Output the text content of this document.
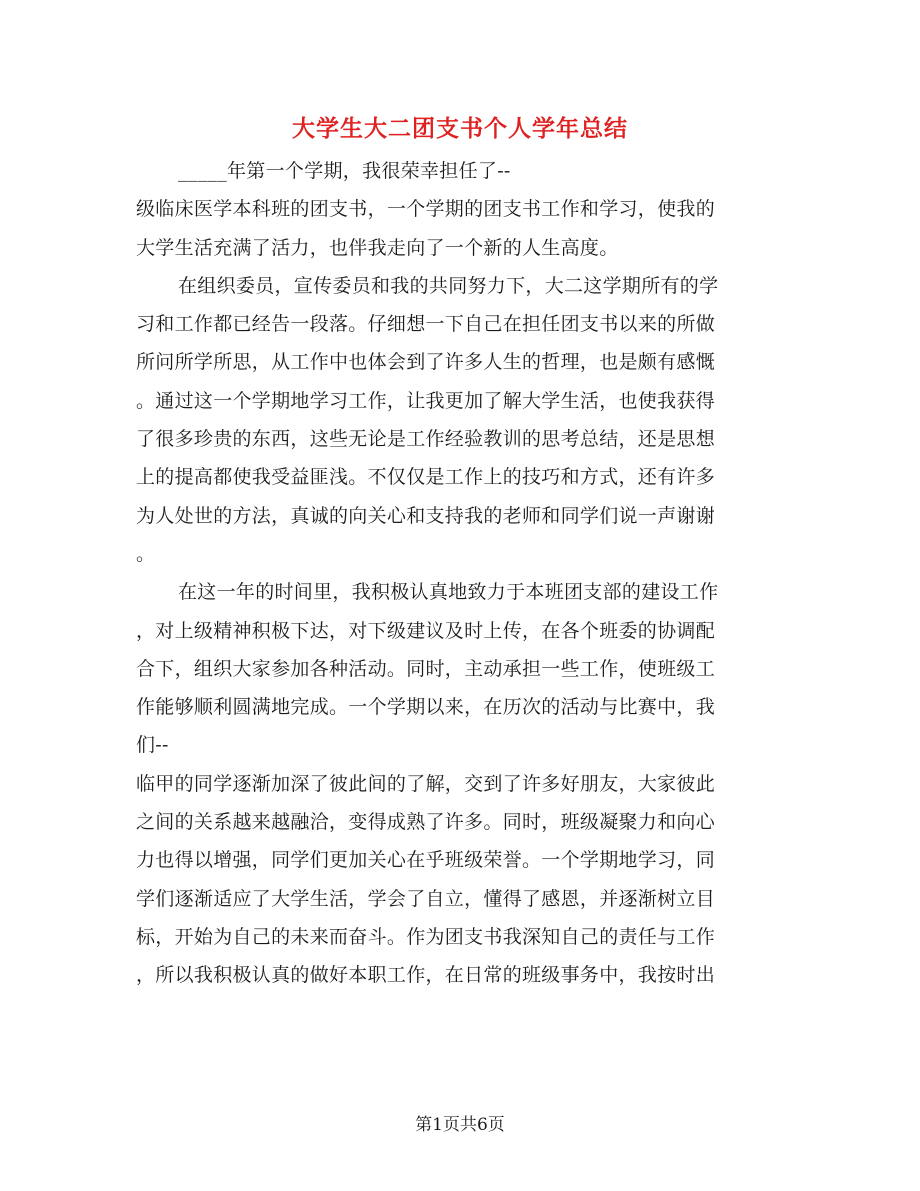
大学生大二团支书个人学年总结
_____年第一个学期，我很荣幸担任了--
级临床医学本科班的团支书，一个学期的团支书工作和学习，使我的
大学生活充满了活力，也伴我走向了一个新的人生高度。
在组织委员，宣传委员和我的共同努力下，大二这学期所有的学
习和工作都已经告一段落。仔细想一下自己在担任团支书以来的所做
所问所学所思，从工作中也体会到了许多人生的哲理，也是颇有感慨
。通过这一个学期地学习工作，让我更加了解大学生活，也使我获得
了很多珍贵的东西，这些无论是工作经验教训的思考总结，还是思想
上的提高都使我受益匪浅。不仅仅是工作上的技巧和方式，还有许多
为人处世的方法，真诚的向关心和支持我的老师和同学们说一声谢谢
。
在这一年的时间里，我积极认真地致力于本班团支部的建设工作
，对上级精神积极下达，对下级建议及时上传，在各个班委的协调配
合下，组织大家参加各种活动。同时，主动承担一些工作，使班级工
作能够顺利圆满地完成。一个学期以来，在历次的活动与比赛中，我
们--
临甲的同学逐渐加深了彼此间的了解，交到了许多好朋友，大家彼此
之间的关系越来越融洽，变得成熟了许多。同时，班级凝聚力和向心
力也得以增强，同学们更加关心在乎班级荣誉。一个学期地学习，同
学们逐渐适应了大学生活，学会了自立，懂得了感恩，并逐渐树立目
标，开始为自己的未来而奋斗。作为团支书我深知自己的责任与工作
，所以我积极认真的做好本职工作，在日常的班级事务中，我按时出
第1页共6页
